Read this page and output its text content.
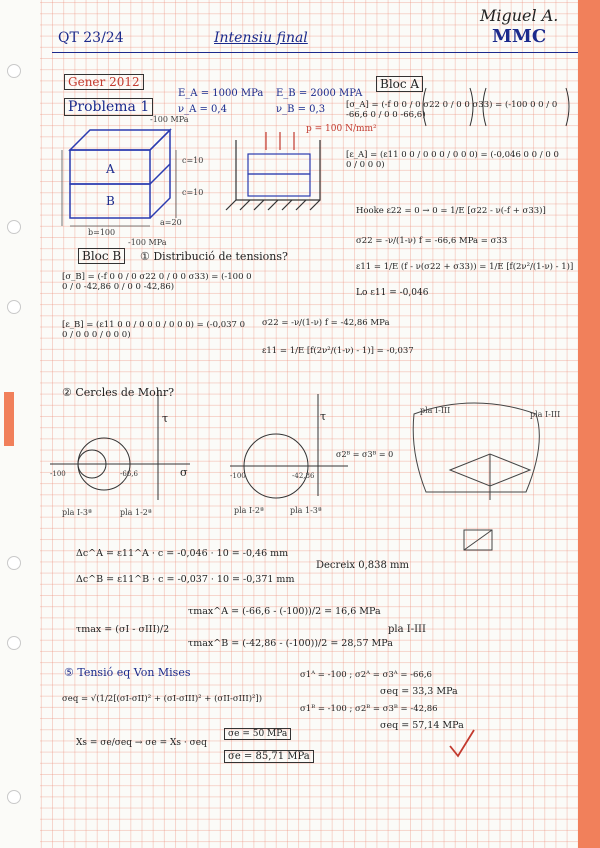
QT 23/24	Intensiu final
Miguel A.
MMC
Gener 2012
Problema 1
E_A = 1000 MPa
ν_A = 0,4
E_B = 2000 MPA
ν_B = 0,3
p = 100 N/mm²
-100 MPa
c=10
c=10
b=100
a=20
-100 MPa
A
B
Bloc A
[σ_A] = (-f 0 0 / 0 σ22 0 / 0 0 σ33) = (-100 0 0 / 0 -66,6 0 / 0 0 -66,6)
[ε_A] = (ε11 0 0 / 0 0 0 / 0 0 0) = (-0,046 0 0 / 0 0 0 / 0 0 0)
Hooke ε22 = 0 → 0 = 1/E [σ22 - ν(-f + σ33)]
σ22 = -ν/(1-ν) f = -66,6 MPa = σ33
ε11 = 1/E (f - ν(σ22 + σ33)) = 1/E [f(2ν²/(1-ν) - 1)]
Lo ε11 = -0,046
Bloc B	① Distribució de tensions?
[σ_B] = (-f 0 0 / 0 σ22 0 / 0 0 σ33) = (-100 0 0 / 0 -42,86 0 / 0 0 -42,86)
[ε_B] = (ε11 0 0 / 0 0 0 / 0 0 0) = (-0,037 0 0 / 0 0 0 / 0 0 0)
σ22 = -ν/(1-ν) f = -42,86 MPa
ε11 = 1/E [f(2ν²/(1-ν) - 1)] = -0,037
② Cercles de Mohr?
τ
σ
-100	-66,6
pla I-3ª	pla 1-2ª
τ
σ2ᴮ = σ3ᴮ = 0
-100	-42,86
pla I-2ª	pla 1-3ª
pla I-III	pla I-III
Δc^A = ε11^A · c = -0,046 · 10 = -0,46 mm
Δc^B = ε11^B · c = -0,037 · 10 = -0,371 mm
Decreix 0,838 mm
τmax = (σI - σIII)/2
τmax^A = (-66,6 - (-100))/2 = 16,6 MPa
τmax^B = (-42,86 - (-100))/2 = 28,57 MPa
pla I-III
⑤ Tensió eq Von Mises
σeq = √(1/2[(σI-σII)² + (σI-σIII)² + (σII-σIII)²])
σ1ᴬ = -100 ; σ2ᴬ = σ3ᴬ = -66,6
σeq = 33,3 MPa
σ1ᴮ = -100 ; σ2ᴮ = σ3ᴮ = -42,86
σeq = 57,14 MPa
Xs = σe/σeq → σe = Xs · σeq
σe = 50 MPa
σe = 85,71 MPa
